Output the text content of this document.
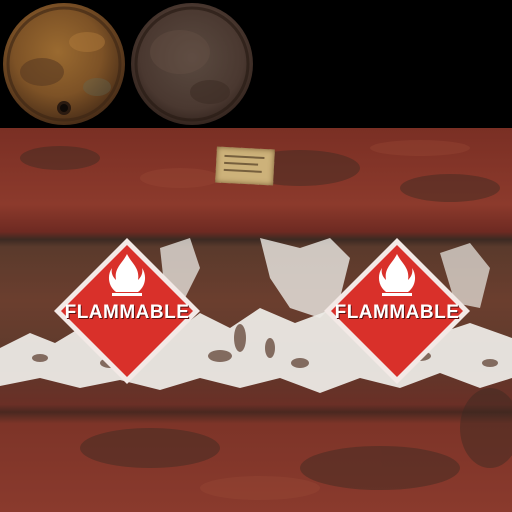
FLAMMABLE	FLAMMABLE
